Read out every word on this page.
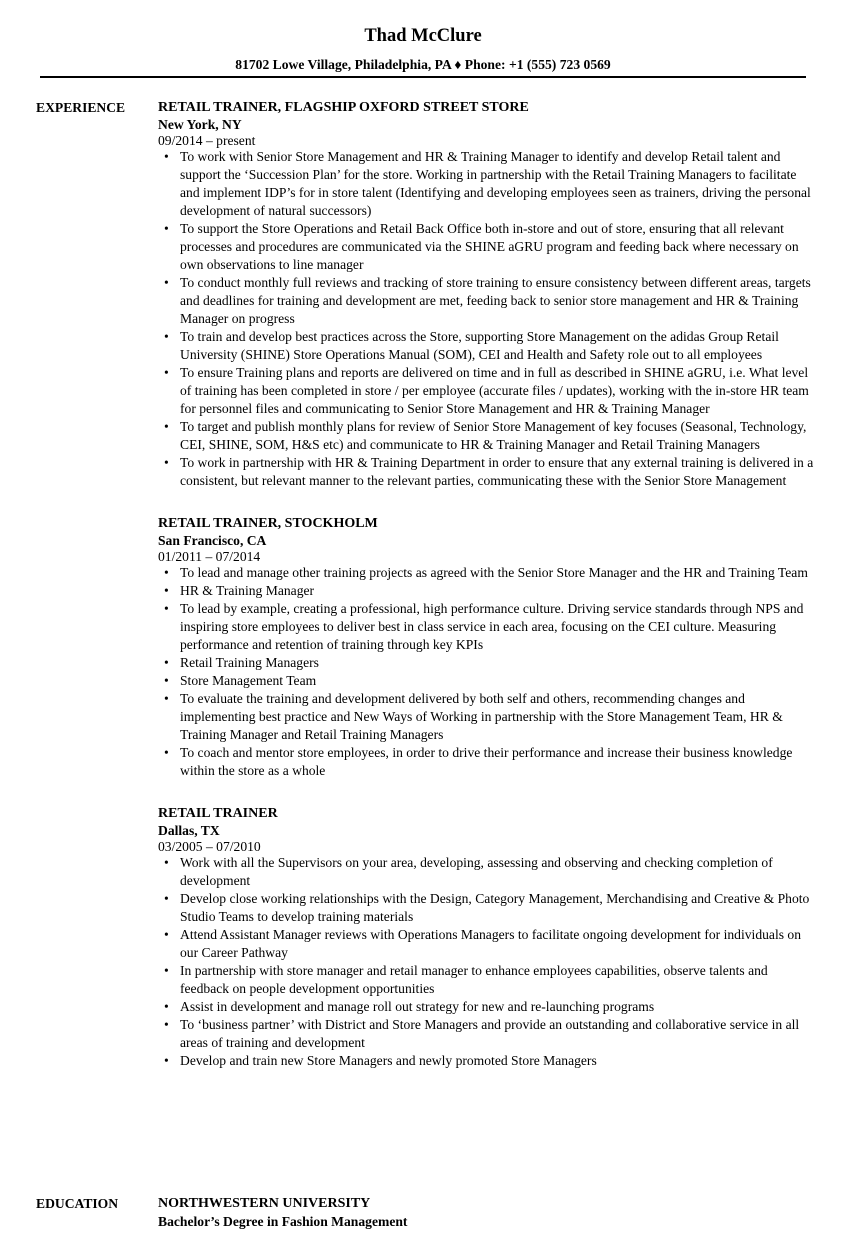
Thad McClure
81702 Lowe Village, Philadelphia, PA ♦ Phone: +1 (555) 723 0569
EXPERIENCE RETAIL TRAINER, FLAGSHIP OXFORD STREET STORE
New York, NY
09/2014 – present
• To work with Senior Store Management and HR & Training Manager to identify and develop Retail talent and support the ‘Succession Plan’ for the store. Working in partnership with the Retail Training Managers to facilitate and implement IDP’s for in store talent (Identifying and developing employees seen as trainers, driving the personal development of natural successors)
• To support the Store Operations and Retail Back Office both in-store and out of store, ensuring that all relevant processes and procedures are communicated via the SHINE aGRU program and feeding back where necessary on own observations to line manager
• To conduct monthly full reviews and tracking of store training to ensure consistency between different areas, targets and deadlines for training and development are met, feeding back to senior store management and HR & Training Manager on progress
• To train and develop best practices across the Store, supporting Store Management on the adidas Group Retail University (SHINE) Store Operations Manual (SOM), CEI and Health and Safety role out to all employees
• To ensure Training plans and reports are delivered on time and in full as described in SHINE aGRU, i.e. What level of training has been completed in store / per employee (accurate files / updates), working with the in-store HR team for personnel files and communicating to Senior Store Management and HR & Training Manager
• To target and publish monthly plans for review of Senior Store Management of key focuses (Seasonal, Technology, CEI, SHINE, SOM, H&S etc) and communicate to HR & Training Manager and Retail Training Managers
• To work in partnership with HR & Training Department in order to ensure that any external training is delivered in a consistent, but relevant manner to the relevant parties, communicating these with the Senior Store Management
RETAIL TRAINER, STOCKHOLM
San Francisco, CA
01/2011 – 07/2014
• To lead and manage other training projects as agreed with the Senior Store Manager and the HR and Training Team
• HR & Training Manager
• To lead by example, creating a professional, high performance culture. Driving service standards through NPS and inspiring store employees to deliver best in class service in each area, focusing on the CEI culture. Measuring performance and retention of training through key KPIs
• Retail Training Managers
• Store Management Team
• To evaluate the training and development delivered by both self and others, recommending changes and implementing best practice and New Ways of Working in partnership with the Store Management Team, HR & Training Manager and Retail Training Managers
• To coach and mentor store employees, in order to drive their performance and increase their business knowledge within the store as a whole
RETAIL TRAINER
Dallas, TX
03/2005 – 07/2010
• Work with all the Supervisors on your area, developing, assessing and observing and checking completion of development
• Develop close working relationships with the Design, Category Management, Merchandising and Creative & Photo Studio Teams to develop training materials
• Attend Assistant Manager reviews with Operations Managers to facilitate ongoing development for individuals on our Career Pathway
• In partnership with store manager and retail manager to enhance employees capabilities, observe talents and feedback on people development opportunities
• Assist in development and manage roll out strategy for new and re-launching programs
• To ‘business partner’ with District and Store Managers and provide an outstanding and collaborative service in all areas of training and development
• Develop and train new Store Managers and newly promoted Store Managers
EDUCATION	NORTHWESTERN UNIVERSITY
Bachelor’s Degree in Fashion Management
